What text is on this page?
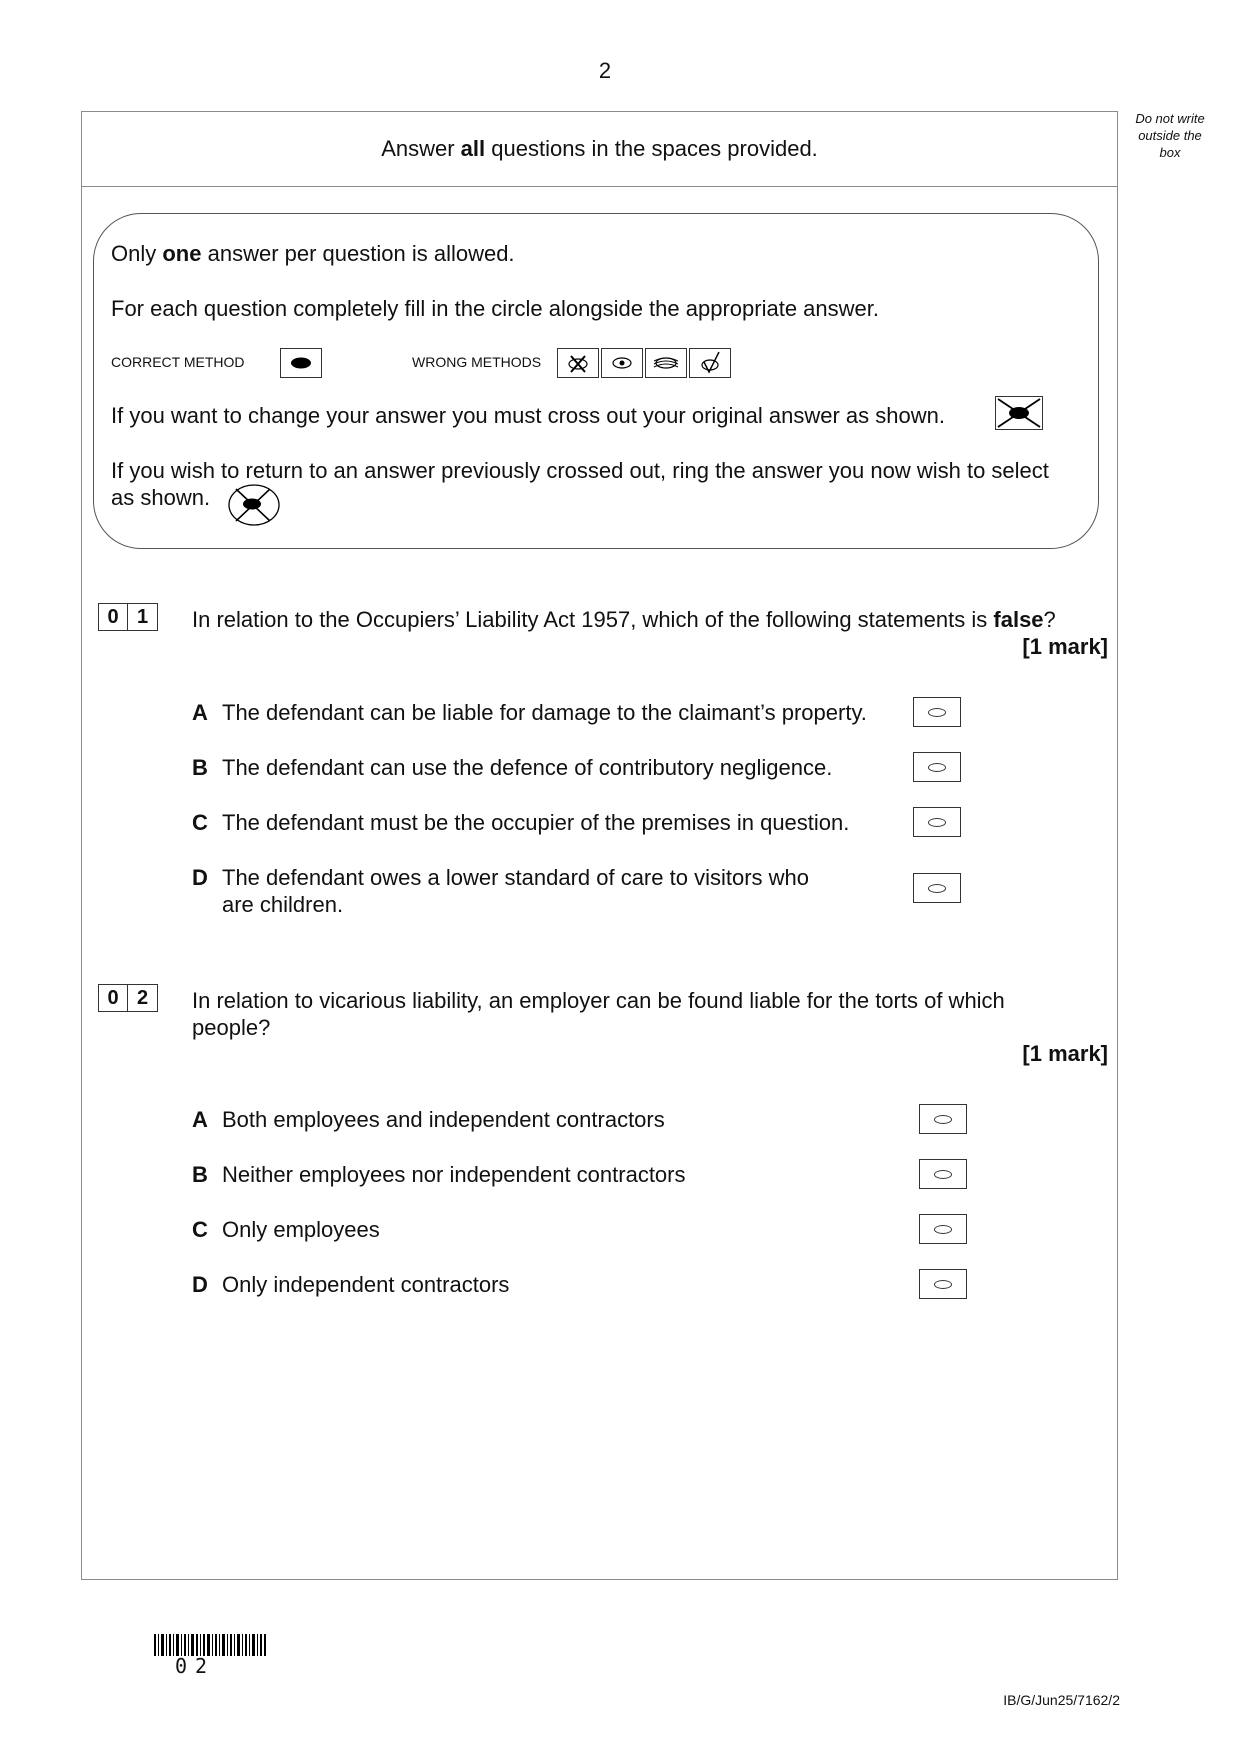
2
Do not write
outside the
box
Answer all questions in the spaces provided.
Only one answer per question is allowed.
For each question completely fill in the circle alongside the appropriate answer.
CORRECT METHOD	WRONG METHODS
If you want to change your answer you must cross out your original answer as shown.
If you wish to return to an answer previously crossed out, ring the answer you now wish to select
as shown.
0 1	In relation to the Occupiers’ Liability Act 1957, which of the following statements is false?
[1 mark]
A The defendant can be liable for damage to the claimant’s property.
B The defendant can use the defence of contributory negligence.
C The defendant must be the occupier of the premises in question.
D The defendant owes a lower standard of care to visitors who
are children.
0 2	In relation to vicarious liability, an employer can be found liable for the torts of which
people?
[1 mark]
A Both employees and independent contractors
B Neither employees nor independent contractors
C Only employees
D Only independent contractors
02
IB/G/Jun25/7162/2
